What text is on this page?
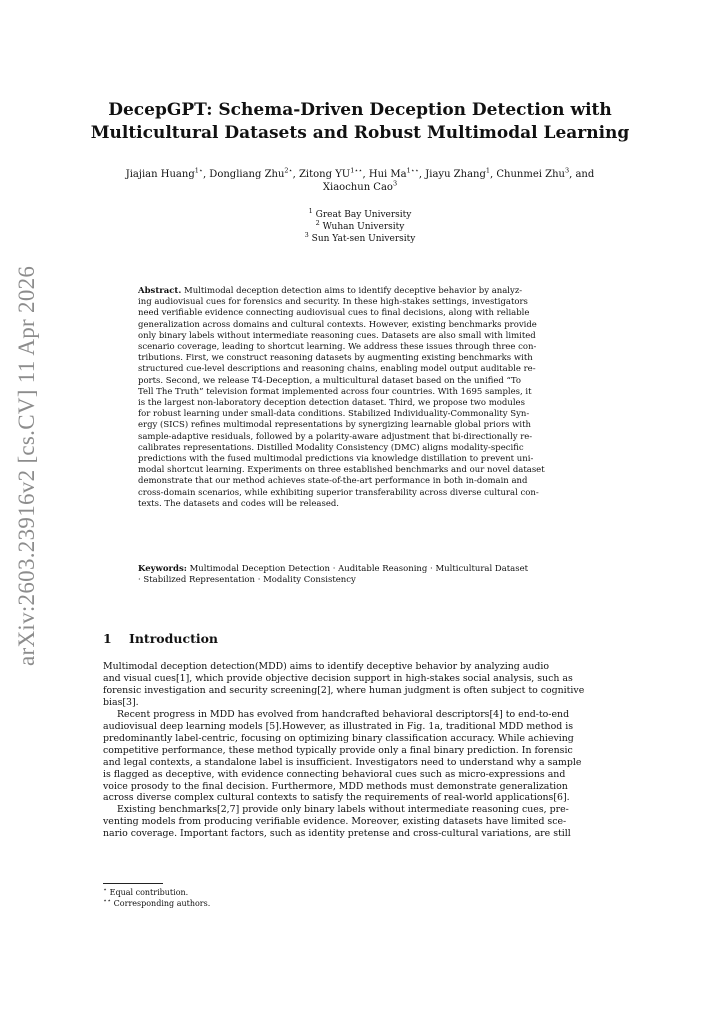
arXiv:2603.23916v2 [cs.CV] 11 Apr 2026
DecepGPT: Schema-Driven Deception Detection with
Multicultural Datasets and Robust Multimodal Learning
Jiajian Huang$^{1⋆}$, Dongliang Zhu$^{2⋆}$, Zitong $YU^{1⋆⋆}$, Hui $Ma^{1⋆⋆}$, Jiayu Zhang$^1$, Chunmei Zhu$^3$, and
Xiaochun Cao$^3$
$^1$ Great Bay University
$^2$ Wuhan University
$^3$ Sun Yat-sen University
Abstract. Multimodal deception detection aims to identify deceptive behavior by analyz-
ing audiovisual cues for forensics and security. In these high-stakes settings, investigators
need verifiable evidence connecting audiovisual cues to final decisions, along with reliable
generalization across domains and cultural contexts. However, existing benchmarks provide
only binary labels without intermediate reasoning cues. Datasets are also small with limited
scenario coverage, leading to shortcut learning. We address these issues through three con-
tributions. First, we construct reasoning datasets by augmenting existing benchmarks with
structured cue-level descriptions and reasoning chains, enabling model output auditable re-
ports. Second, we release T4-Deception, a multicultural dataset based on the unified “To
Tell The Truth” television format implemented across four countries. With 1695 samples, it
is the largest non-laboratory deception detection dataset. Third, we propose two modules
for robust learning under small-data conditions. Stabilized Individuality-Commonality Syn-
ergy (SICS) refines multimodal representations by synergizing learnable global priors with
sample-adaptive residuals, followed by a polarity-aware adjustment that bi-directionally re-
calibrates representations. Distilled Modality Consistency (DMC) aligns modality-specific
predictions with the fused multimodal predictions via knowledge distillation to prevent uni-
modal shortcut learning. Experiments on three established benchmarks and our novel dataset
demonstrate that our method achieves state-of-the-art performance in both in-domain and
cross-domain scenarios, while exhibiting superior transferability across diverse cultural con-
texts. The datasets and codes will be released.
Keywords: Multimodal Deception Detection · Auditable Reasoning · Multicultural Dataset
· Stabilized Representation · Modality Consistency
1 Introduction
Multimodal deception detection(MDD) aims to identify deceptive behavior by analyzing audio
and visual cues[1], which provide objective decision support in high-stakes social analysis, such as
forensic investigation and security screening[2], where human judgment is often subject to cognitive
bias[3].
Recent progress in MDD has evolved from handcrafted behavioral descriptors[4] to end-to-end
audiovisual deep learning models [5].However, as illustrated in Fig. 1a, traditional MDD method is
predominantly label-centric, focusing on optimizing binary classification accuracy. While achieving
competitive performance, these method typically provide only a final binary prediction. In forensic
and legal contexts, a standalone label is insufficient. Investigators need to understand why a sample
is flagged as deceptive, with evidence connecting behavioral cues such as micro-expressions and
voice prosody to the final decision. Furthermore, MDD methods must demonstrate generalization
across diverse complex cultural contexts to satisfy the requirements of real-world applications[6].
Existing benchmarks[2,7] provide only binary labels without intermediate reasoning cues, pre-
venting models from producing verifiable evidence. Moreover, existing datasets have limited sce-
nario coverage. Important factors, such as identity pretense and cross-cultural variations, are still
⋆ Equal contribution.
⋆⋆ Corresponding authors.
